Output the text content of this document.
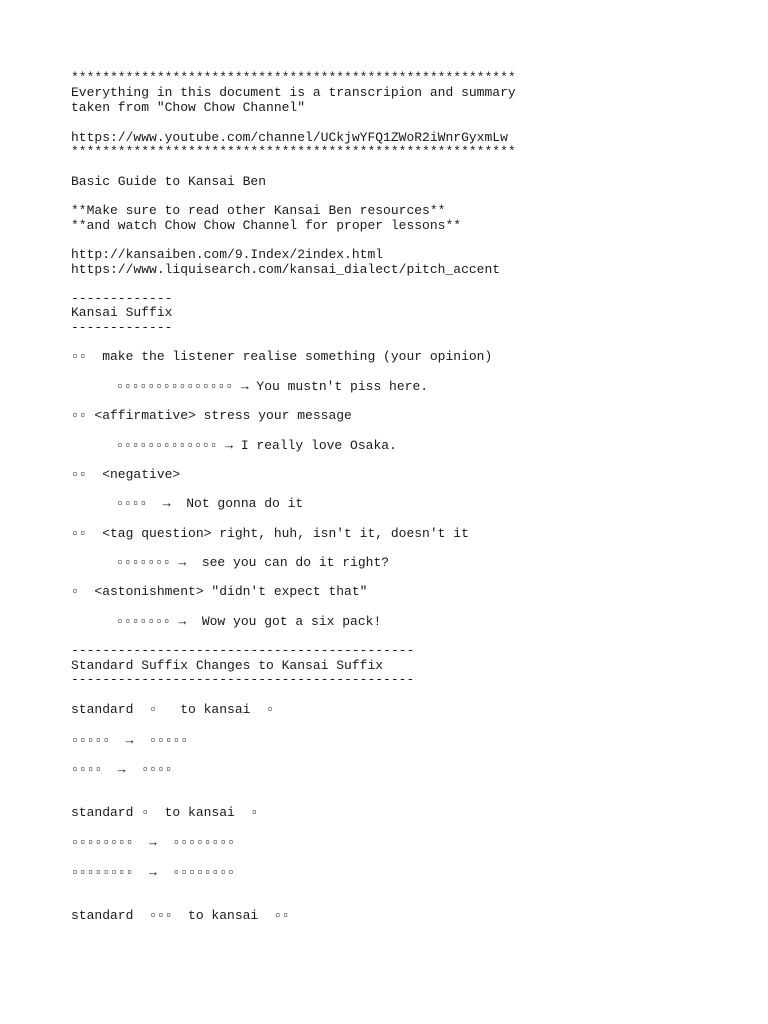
*********************************************************
Everything in this document is a transcripion and summary
taken from "Chow Chow Channel"
https://www.youtube.com/channel/UCkjwYFQ1ZWoR2iWnrGyxmLw
*********************************************************
Basic Guide to Kansai Ben
**Make sure to read other Kansai Ben resources**
**and watch Chow Chow Channel for proper lessons**
http://kansaiben.com/9.Index/2index.html
https://www.liquisearch.com/kansai_dialect/pitch_accent
-------------
Kansai Suffix
-------------
▫▫  make the listener realise something (your opinion)
▫▫▫▫▫▫▫▫▫▫▫▫▫▫▫ → You mustn't piss here.
▫▫ <affirmative> stress your message
▫▫▫▫▫▫▫▫▫▫▫▫▫ → I really love Osaka.
▫▫  <negative>
▫▫▫▫  →  Not gonna do it
▫▫  <tag question> right, huh, isn't it, doesn't it
▫▫▫▫▫▫▫ →  see you can do it right?
▫  <astonishment> "didn't expect that"
▫▫▫▫▫▫▫ →  Wow you got a six pack!
--------------------------------------------
Standard Suffix Changes to Kansai Suffix
--------------------------------------------
standard  ▫   to kansai  ▫
▫▫▫▫▫  →  ▫▫▫▫▫
▫▫▫▫  →  ▫▫▫▫
standard ▫  to kansai  ▫
▫▫▫▫▫▫▫▫  →  ▫▫▫▫▫▫▫▫
▫▫▫▫▫▫▫▫  →  ▫▫▫▫▫▫▫▫
standard  ▫▫▫  to kansai  ▫▫
